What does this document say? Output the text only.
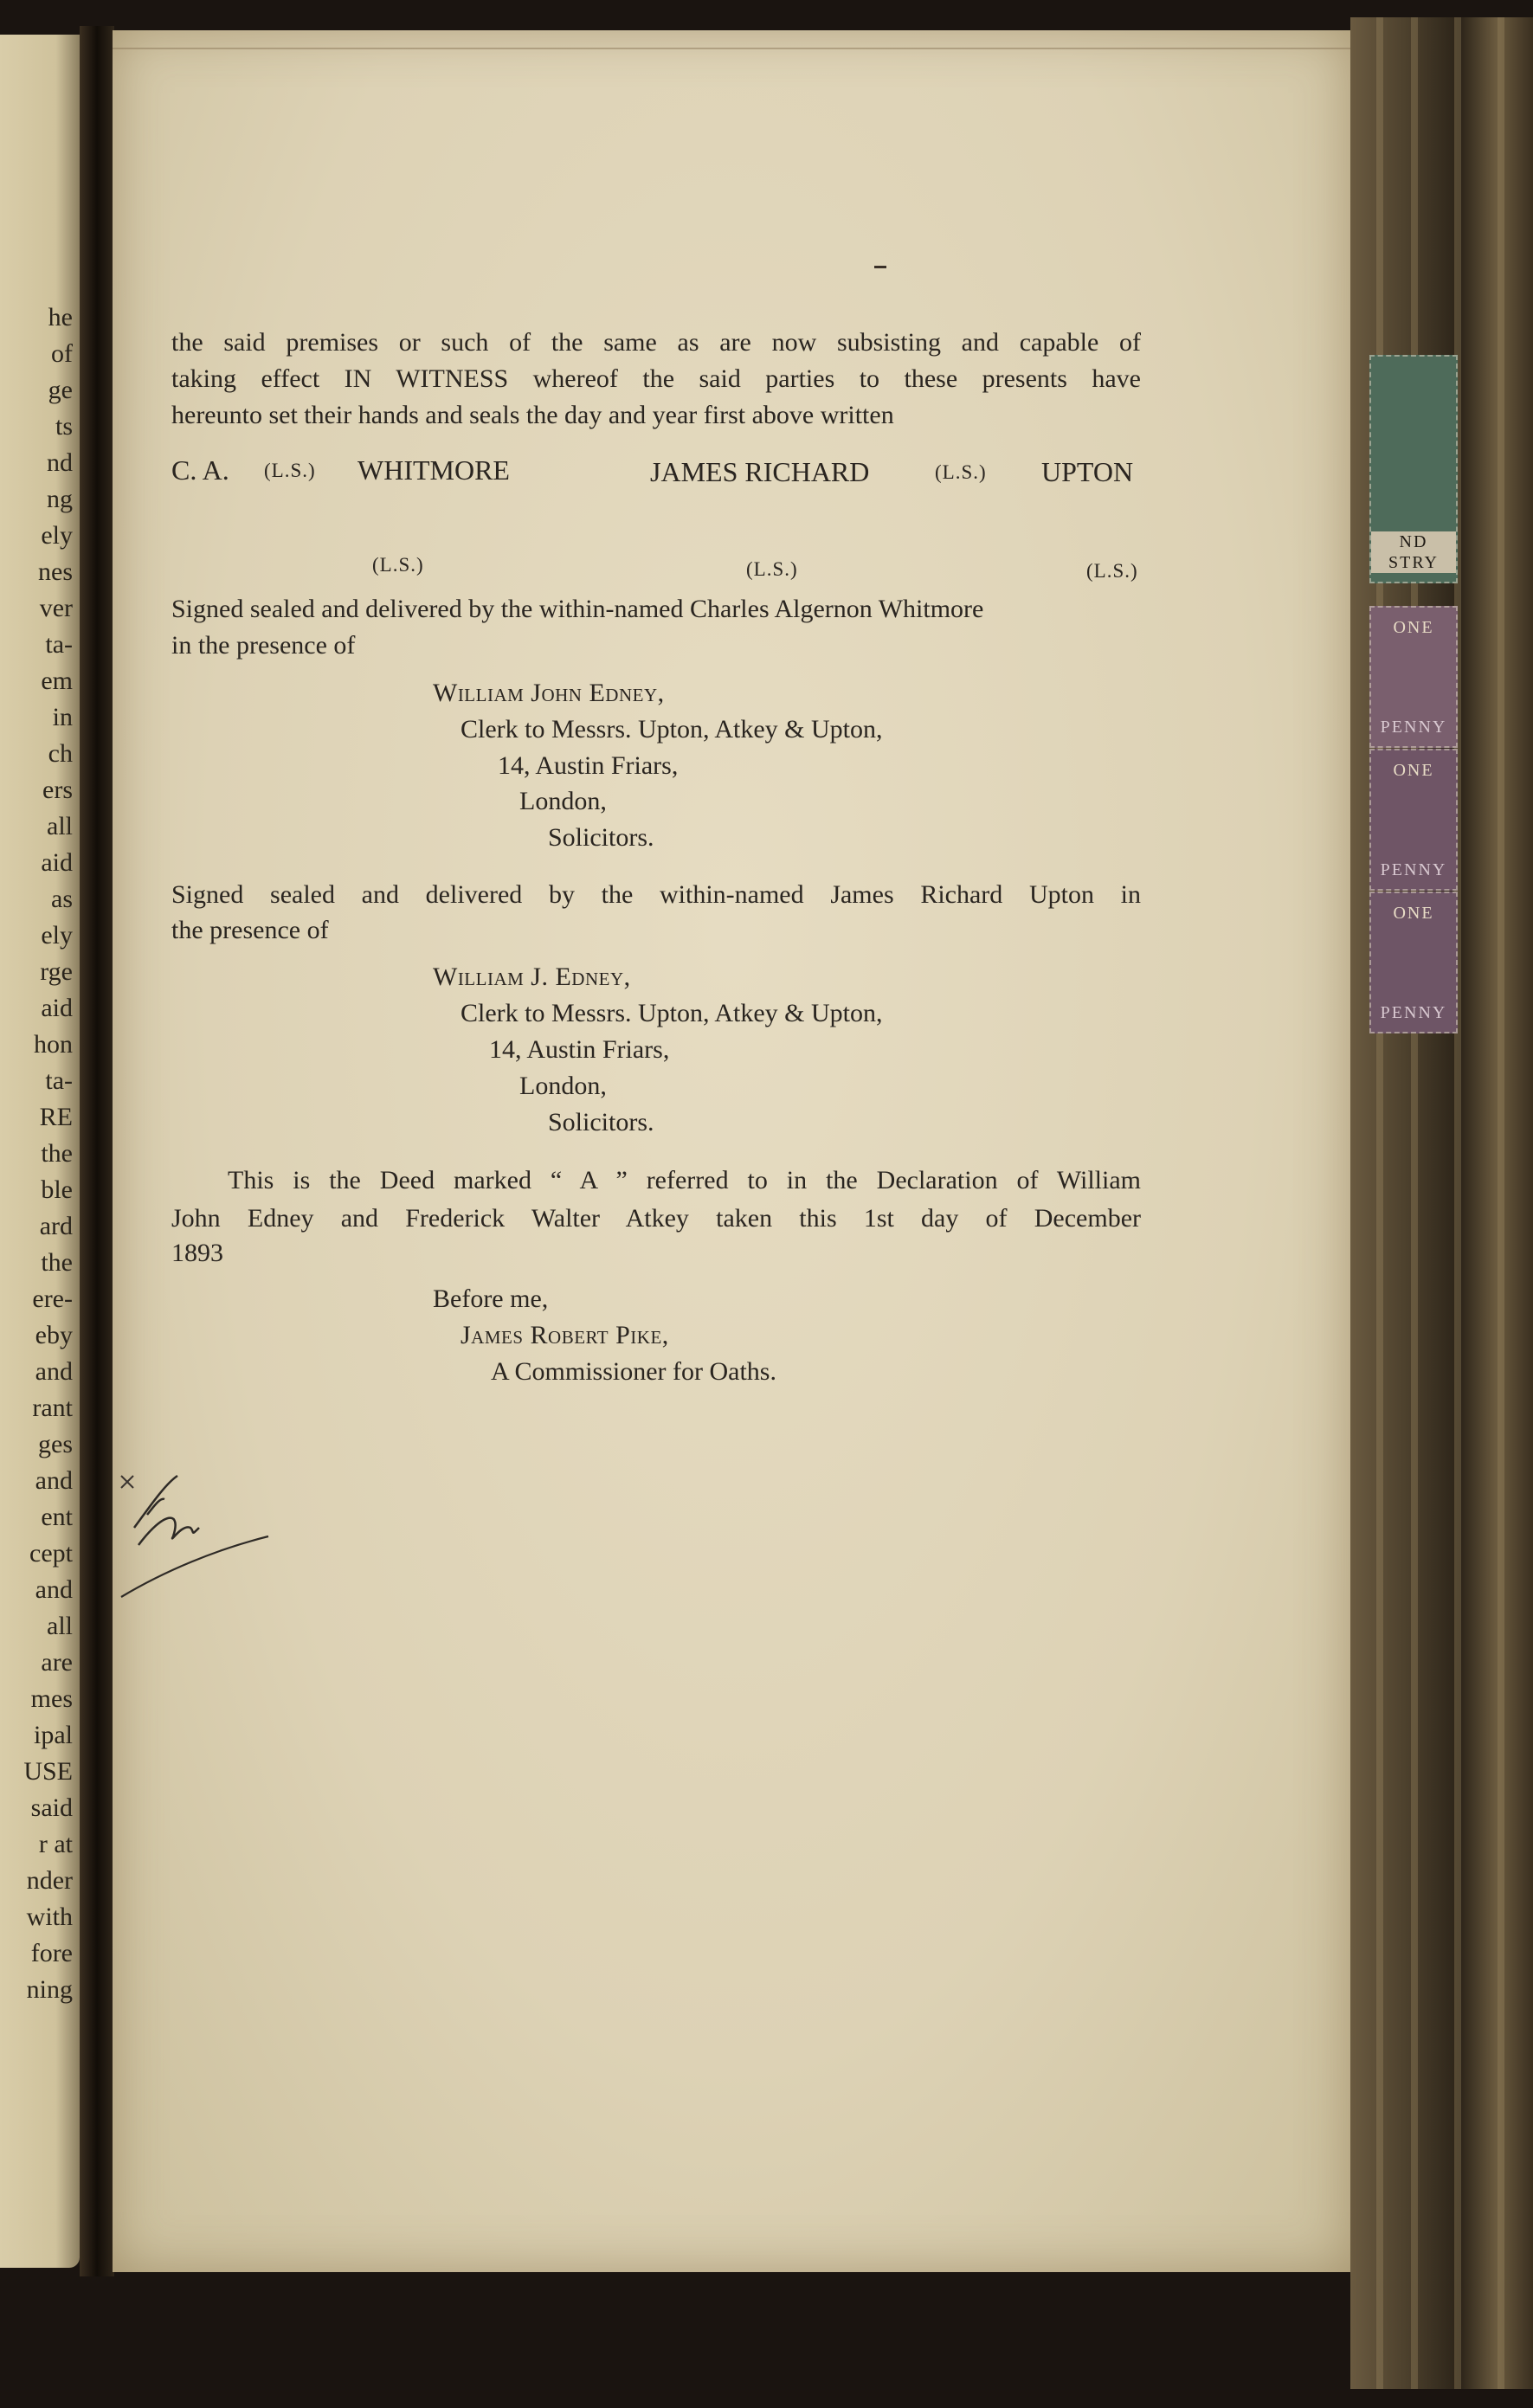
he
of
ge
ts
nd
ng
ely
nes
ver
ta-
em
in
ch
ers
all
aid
as
ely
rge
aid
hon
ta-
RE
the
ble
ard
the
ere-
eby
and
rant
ges
and
ent
cept
and
all
are
mes
ipal
USE
said
r at
nder
with
fore
ning
ND
STRY
ONE
PENNY
ONE
PENNY
ONE
PENNY
the said premises or such of the same as are now subsisting and capable of
taking effect IN WITNESS whereof the said parties to these presents have
hereunto set their hands and seals the day and year first above written
C. A. (L.S.) WHITMORE	JAMES RICHARD	(L.S.) UPTON
(L.S.)	(L.S.)	(L.S.)
Signed sealed and delivered by the within-named Charles Algernon Whitmore
in the presence of
William John Edney,
Clerk to Messrs. Upton, Atkey & Upton,
14, Austin Friars,
London,
Solicitors.
Signed sealed and delivered by the within-named James Richard Upton in
the presence of
William J. Edney,
Clerk to Messrs. Upton, Atkey & Upton,
14, Austin Friars,
London,
Solicitors.
This is the Deed marked “ A ” referred to in the Declaration of William
John Edney and Frederick Walter Atkey taken this 1st day of December
1893
Before me,
James Robert Pike,
A Commissioner for Oaths.
